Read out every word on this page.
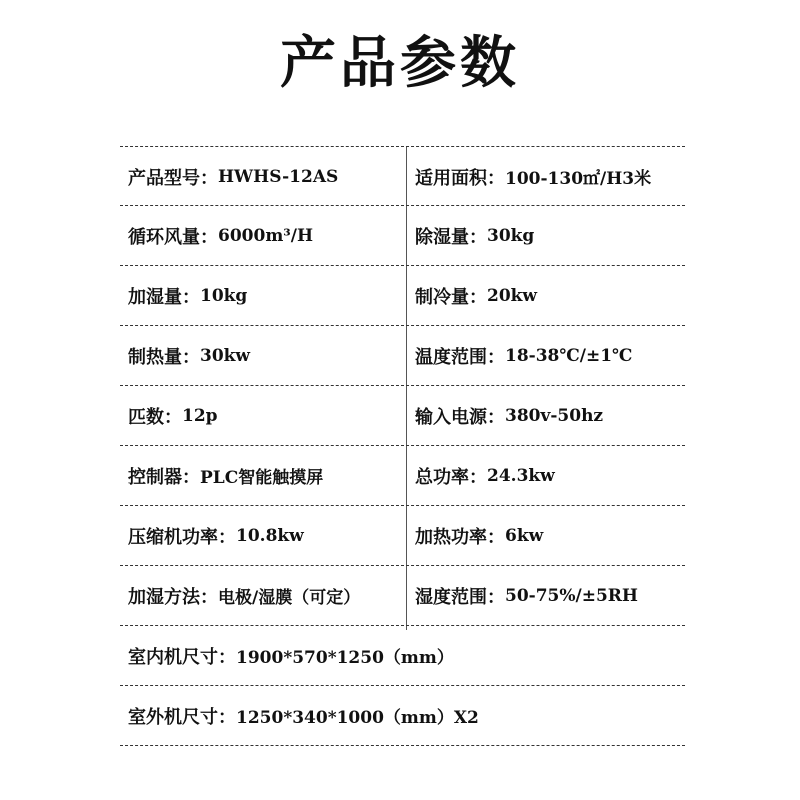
产品参数
产品型号： HWHS-12AS	适用面积： 100-130㎡/H3米
循环风量： 6000m³/H	除湿量： 30kg
加湿量： 10kg	制冷量： 20kw
制热量： 30kw	温度范围： 18-38℃/±1℃
匹数： 12p	输入电源： 380v-50hz
控制器： PLC智能触摸屏	总功率： 24.3kw
压缩机功率： 10.8kw	加热功率： 6kw
加湿方法： 电极/湿膜（可定）	湿度范围： 50-75%/±5RH
室内机尺寸： 1900*570*1250（mm）
室外机尺寸： 1250*340*1000（mm）X2
